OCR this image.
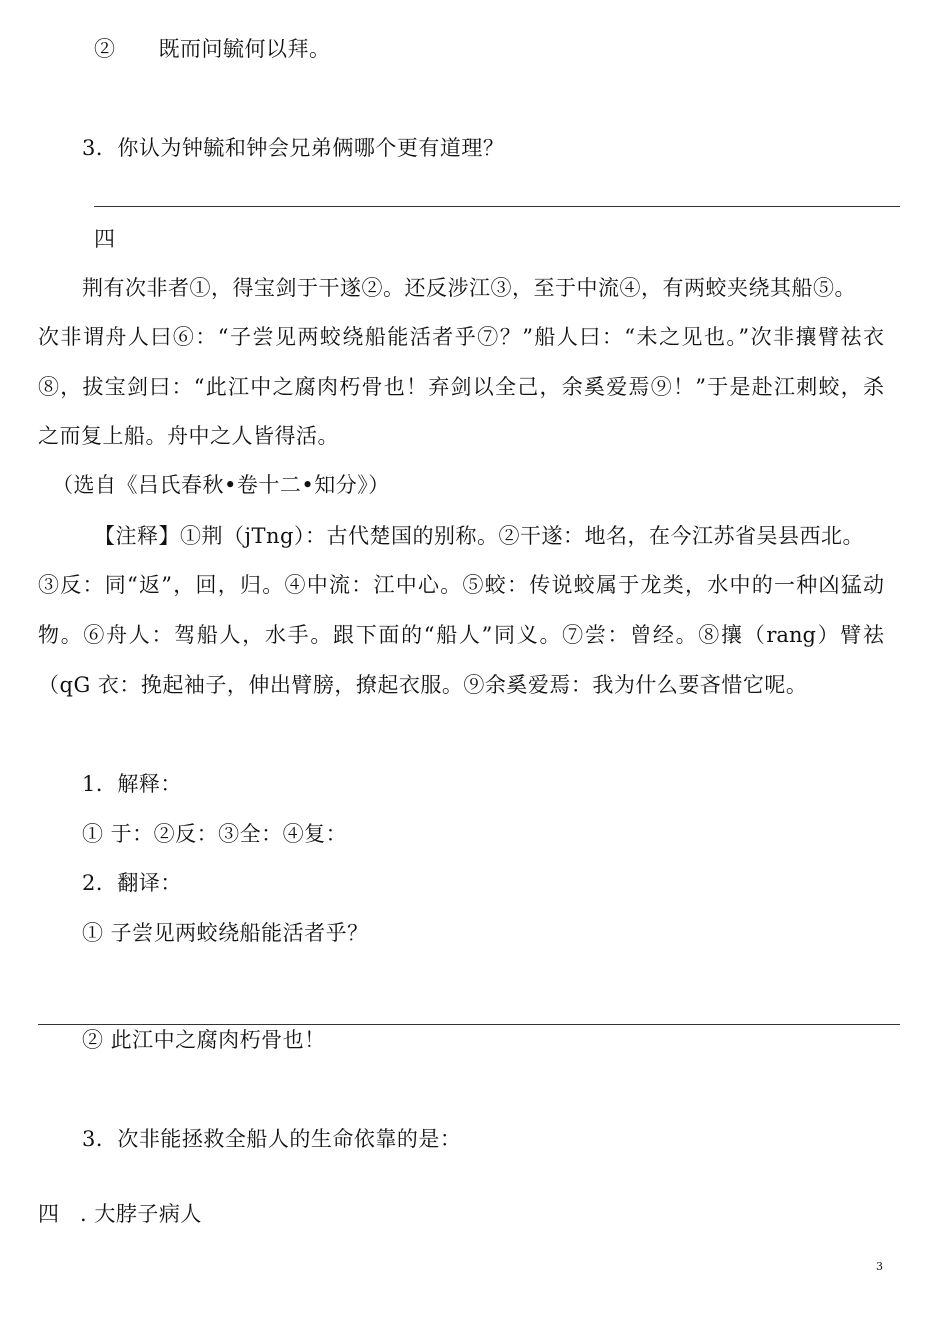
②　　既而问毓何以拜。
3．你认为钟毓和钟会兄弟俩哪个更有道理？
四
荆有次非者①，得宝剑于干遂②。还反涉江③，至于中流④，有两蛟夹绕其船⑤。
次非谓舟人曰⑥：“子尝见两蛟绕船能活者乎⑦？”船人曰：“未之见也。”次非攘臂祛衣
⑧，拔宝剑曰：“此江中之腐肉朽骨也！弃剑以全己，余奚爱焉⑨！”于是赴江刺蛟，杀
之而复上船。舟中之人皆得活。
（选自《吕氏春秋•卷十二•知分》）
【注释】①荆（jTng）：古代楚国的别称。②干遂：地名，在今江苏省吴县西北。
③反：同“返”，回，归。④中流：江中心。⑤蛟：传说蛟属于龙类，水中的一种凶猛动
物。⑥舟人：驾船人，水手。跟下面的“船人”同义。⑦尝：曾经。⑧攘（rang）臂祛
（qG 衣：挽起袖子，伸出臂膀，撩起衣服。⑨余奚爱焉：我为什么要吝惜它呢。
1．解释：
① 于：②反：③全：④复：
2．翻译：
① 子尝见两蛟绕船能活者乎？
② 此江中之腐肉朽骨也！
3．次非能拯救全船人的生命依靠的是：
四 . 大脖子病人
3
